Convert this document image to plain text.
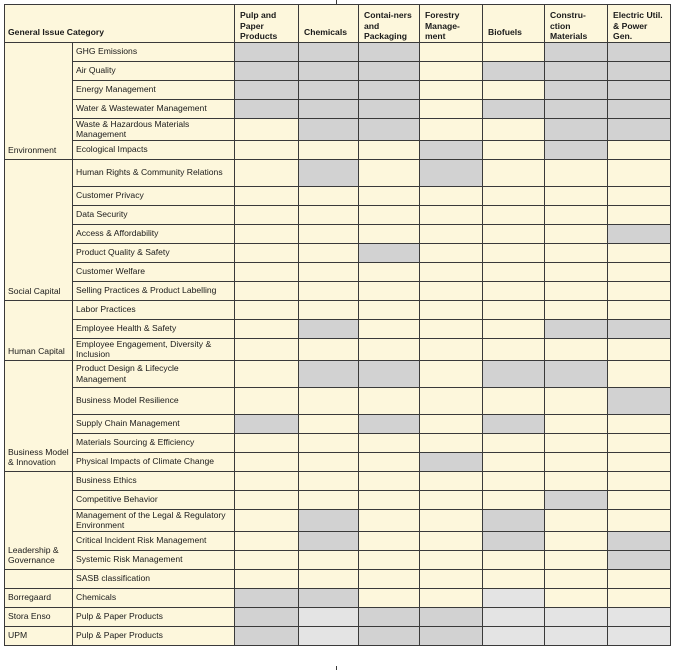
General Issue Category		Pulp and Paper Products	Chemicals	Contai-ners and Packaging	Forestry Manage-ment	Biofuels	Constru-ction Materials	Electric Util. & Power Gen.
Environment	GHG Emissions							
	Air Quality							
	Energy Management							
	Water & Wastewater Management							
	Waste & Hazardous Materials Management							
	Ecological Impacts							
Social Capital	Human Rights & Community Relations							
	Customer Privacy							
	Data Security							
	Access & Affordability							
	Product Quality & Safety							
	Customer Welfare							
	Selling Practices & Product Labelling							
Human Capital	Labor Practices							
	Employee Health & Safety							
	Employee Engagement, Diversity & Inclusion							
Business Model & Innovation	Product Design & Lifecycle Management							
	Business Model Resilience							
	Supply Chain Management							
	Materials Sourcing & Efficiency							
	Physical Impacts of Climate Change							
Leadership & Governance	Business Ethics							
	Competitive Behavior							
	Management of the Legal & Regulatory Environment							
	Critical Incident Risk Management							
	Systemic Risk Management							
	SASB classification							
Borregaard	Chemicals							
Stora Enso	Pulp & Paper Products							
UPM	Pulp & Paper Products							
